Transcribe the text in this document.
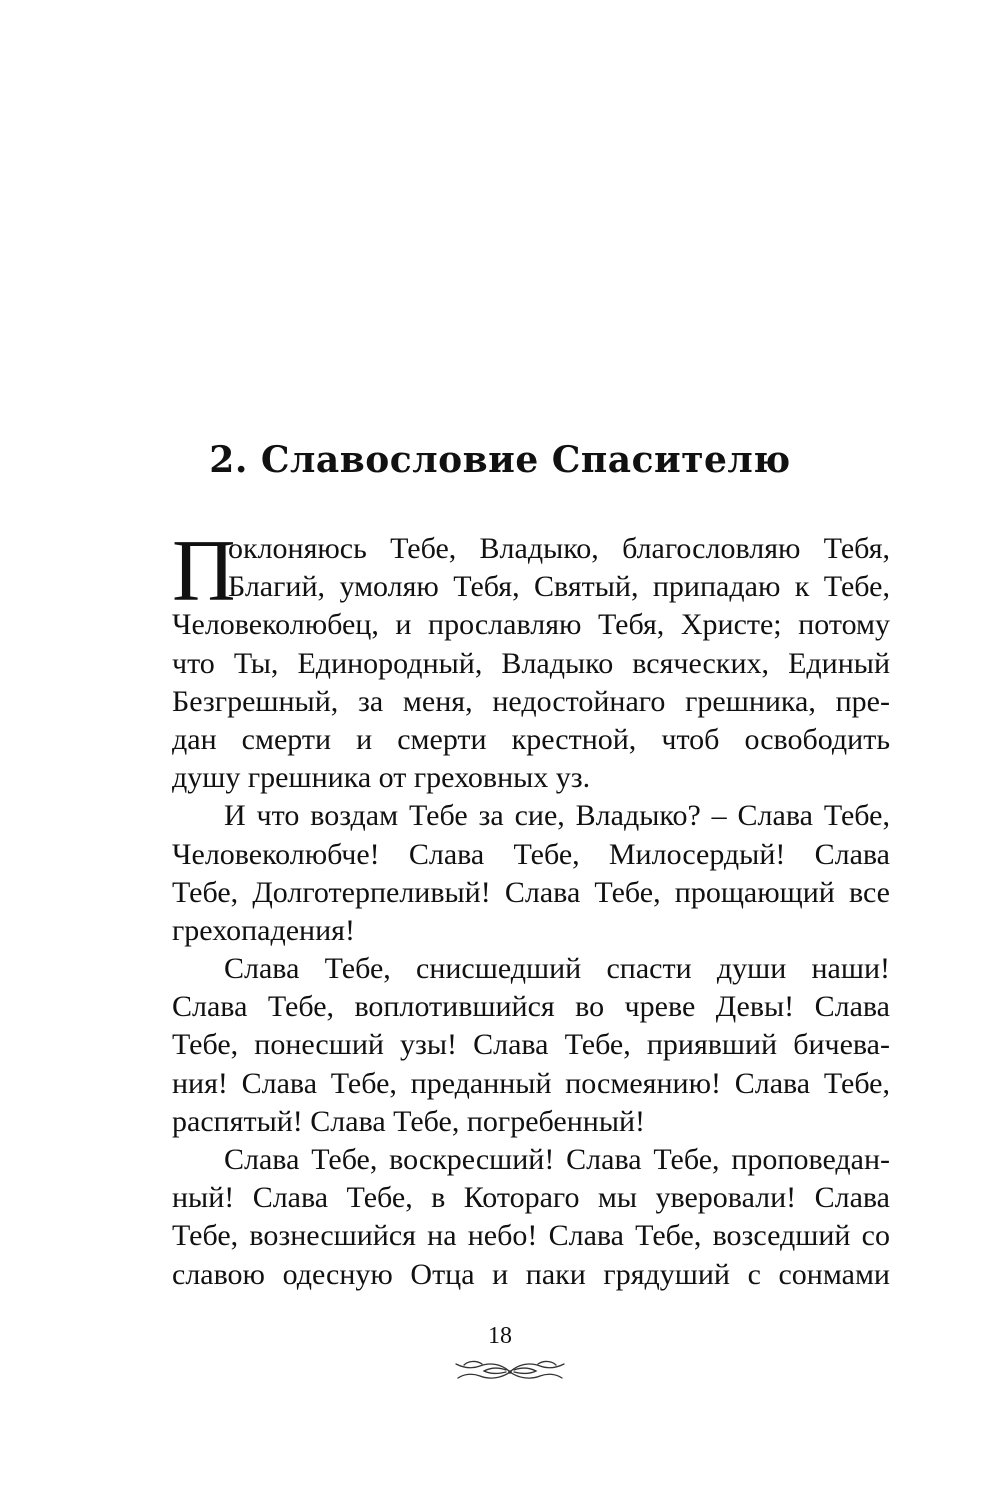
2. Славословие Спасителю
П
оклоняюсь Тебе, Владыко, благословляю Тебя,
Благий, умоляю Тебя, Святый, припадаю к Тебе,
Человеколюбец, и прославляю Тебя, Христе; потому
что Ты, Единородный, Владыко всяческих, Единый
Безгрешный, за меня, недостойнаго грешника, пре-
дан смерти и смерти крестной, чтоб освободить
душу грешника от греховных уз.
И что воздам Тебе за сие, Владыко? – Слава Тебе,
Человеколюбче! Слава Тебе, Милосердый! Слава
Тебе, Долготерпеливый! Слава Тебе, прощающий все
грехопадения!
Слава Тебе, снисшедший спасти души наши!
Слава Тебе, воплотившийся во чреве Девы! Слава
Тебе, понесший узы! Слава Тебе, приявший бичева-
ния! Слава Тебе, преданный посмеянию! Слава Тебе,
распятый! Слава Тебе, погребенный!
Слава Тебе, воскресший! Слава Тебе, проповедан-
ный! Слава Тебе, в Котораго мы уверовали! Слава
Тебе, вознесшийся на небо! Слава Тебе, возседший со
славою одесную Отца и паки грядуший с сонмами
18
